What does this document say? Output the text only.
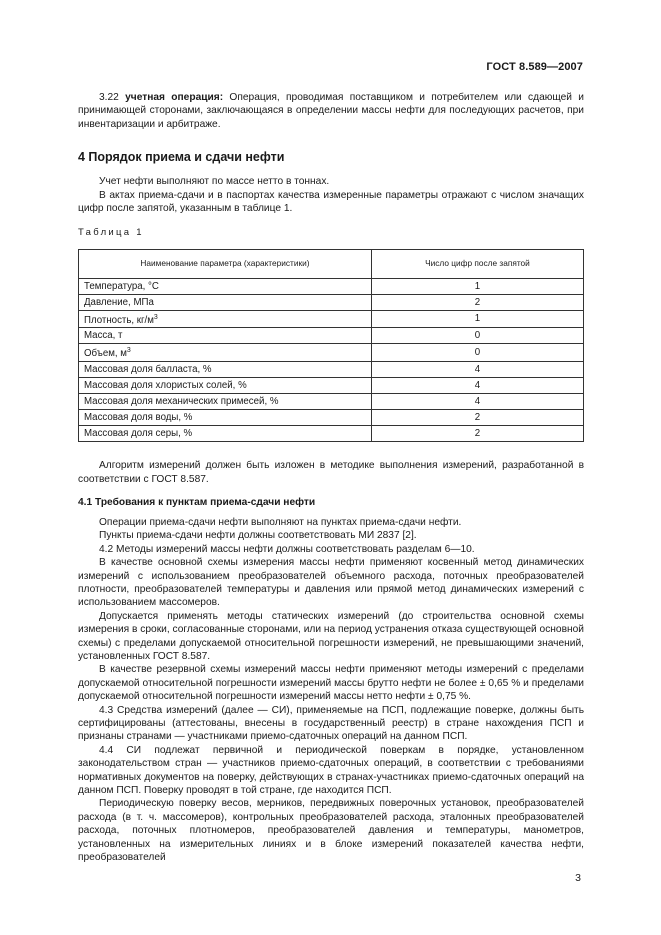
ГОСТ 8.589—2007

3.22 учетная операция: Операция, проводимая поставщиком и потребителем или сдающей и принимающей сторонами, заключающаяся в определении массы нефти для последующих расчетов, при инвентаризации и арбитраже.

4 Порядок приема и сдачи нефти

Учет нефти выполняют по массе нетто в тоннах.

В актах приема-сдачи и в паспортах качества измеренные параметры отражают с числом значащих цифр после запятой, указанным в таблице 1.

Таблица 1
Наименование параметра (характеристики)	Число цифр после запятой
Температура, °С	1
Давление, МПа	2
Плотность, $кг/м^3$	1
Масса, т	0
Объем, $м^3$	0
Массовая доля балласта, %	4
Массовая доля хлористых солей, %	4
Массовая доля механических примесей, %	4
Массовая доля воды, %	2
Массовая доля серы, %	2

Алгоритм измерений должен быть изложен в методике выполнения измерений, разработанной в соответствии с ГОСТ 8.587.

4.1 Требования к пунктам приема-сдачи нефти

Операции приема-сдачи нефти выполняют на пунктах приема-сдачи нефти.

Пункты приема-сдачи нефти должны соответствовать МИ 2837 [2].

4.2 Методы измерений массы нефти должны соответствовать разделам 6—10.

В качестве основной схемы измерения массы нефти применяют косвенный метод динамических измерений с использованием преобразователей объемного расхода, поточных преобразователей плотности, преобразователей температуры и давления или прямой метод динамических измерений с использованием массомеров.

Допускается применять методы статических измерений (до строительства основной схемы измерения в сроки, согласованные сторонами, или на период устранения отказа существующей основной схемы) с пределами допускаемой относительной погрешности измерений, не превышающими значений, установленных ГОСТ 8.587.

В качестве резервной схемы измерений массы нефти применяют методы измерений с пределами допускаемой относительной погрешности измерений массы брутто нефти не более ± 0,65 % и пределами допускаемой относительной погрешности измерений массы нетто нефти ± 0,75 %.

4.3 Средства измерений (далее — СИ), применяемые на ПСП, подлежащие поверке, должны быть сертифицированы (аттестованы, внесены в государственный реестр) в стране нахождения ПСП и признаны странами — участниками приемо-сдаточных операций на данном ПСП.

4.4 СИ подлежат первичной и периодической поверкам в порядке, установленном законодательством стран — участников приемо-сдаточных операций, в соответствии с требованиями нормативных документов на поверку, действующих в странах-участниках приемо-сдаточных операций на данном ПСП. Поверку проводят в той стране, где находится ПСП.

Периодическую поверку весов, мерников, передвижных поверочных установок, преобразователей расхода (в т. ч. массомеров), контрольных преобразователей расхода, эталонных преобразователей расхода, поточных плотномеров, преобразователей давления и температуры, манометров, установленных на измерительных линиях и в блоке измерений показателей качества нефти, преобразователей

3
